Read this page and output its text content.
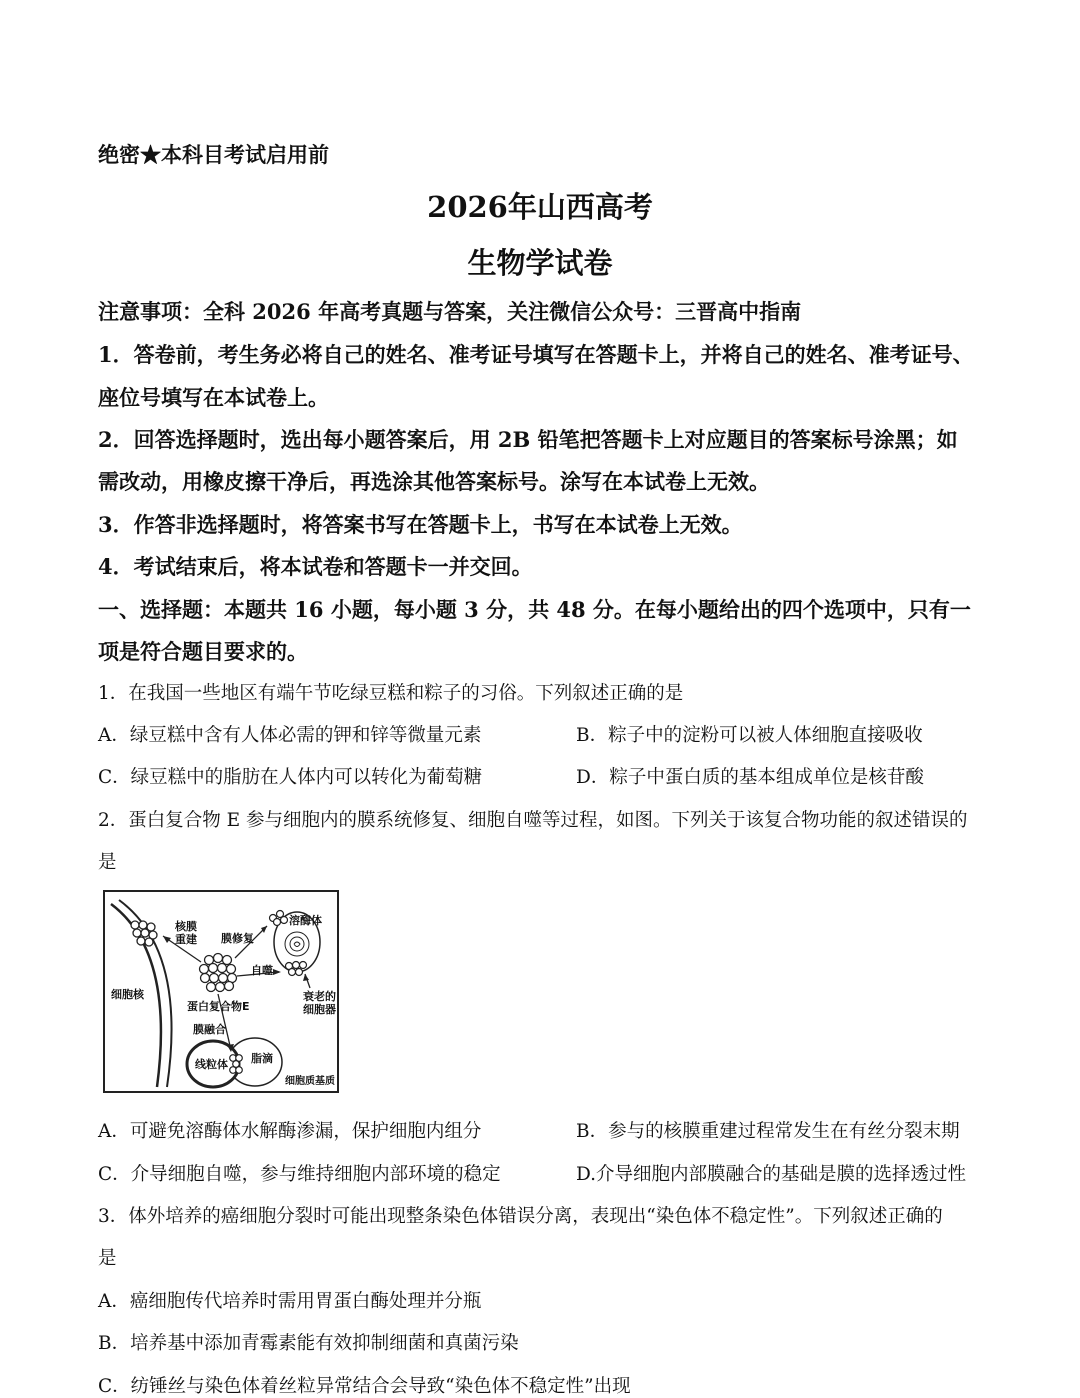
绝密★本科目考试启用前
2026年山西高考
生物学试卷
注意事项：全科 2026 年高考真题与答案，关注微信公众号：三晋高中指南
1．答卷前，考生务必将自己的姓名、准考证号填写在答题卡上，并将自己的姓名、准考证号、
座位号填写在本试卷上。
2．回答选择题时，选出每小题答案后，用 2B 铅笔把答题卡上对应题目的答案标号涂黑；如
需改动，用橡皮擦干净后，再选涂其他答案标号。涂写在本试卷上无效。
3．作答非选择题时，将答案书写在答题卡上，书写在本试卷上无效。
4．考试结束后，将本试卷和答题卡一并交回。
一、选择题：本题共 16 小题，每小题 3 分，共 48 分。在每小题给出的四个选项中，只有一
项是符合题目要求的。
1．在我国一些地区有端午节吃绿豆糕和粽子的习俗。下列叙述正确的是
A．绿豆糕中含有人体必需的钾和锌等微量元素	B．粽子中的淀粉可以被人体细胞直接吸收
C．绿豆糕中的脂肪在人体内可以转化为葡萄糖	D．粽子中蛋白质的基本组成单位是核苷酸
2．蛋白复合物 E 参与细胞内的膜系统修复、细胞自噬等过程，如图。下列关于该复合物功能的叙述错误的
是
核膜
重建 膜修复
溶酶体
自噬
细胞核
蛋白复合物E
衰老的
细胞器
膜融合
线粒体 脂滴
细胞质基质
A．可避免溶酶体水解酶渗漏，保护细胞内组分	B．参与的核膜重建过程常发生在有丝分裂末期
C．介导细胞自噬，参与维持细胞内部环境的稳定	D.介导细胞内部膜融合的基础是膜的选择透过性
3．体外培养的癌细胞分裂时可能出现整条染色体错误分离，表现出“染色体不稳定性”。下列叙述正确的
是
A．癌细胞传代培养时需用胃蛋白酶处理并分瓶
B．培养基中添加青霉素能有效抑制细菌和真菌污染
C．纺锤丝与染色体着丝粒异常结合会导致“染色体不稳定性”出现
